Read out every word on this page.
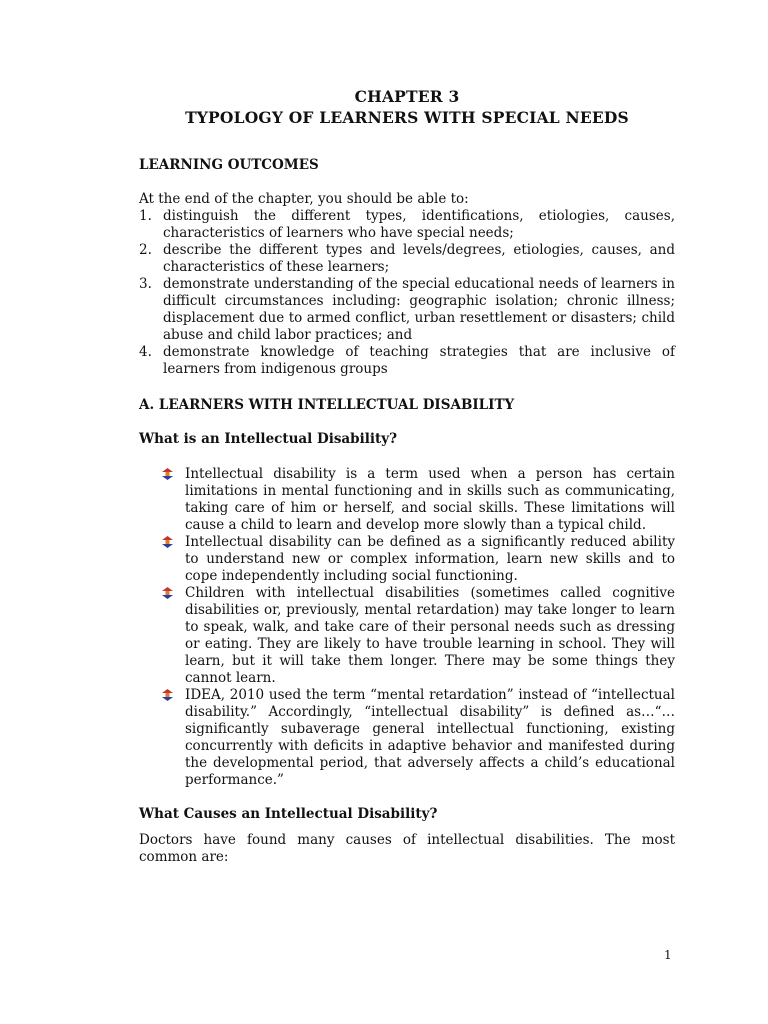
CHAPTER 3
TYPOLOGY OF LEARNERS WITH SPECIAL NEEDS

LEARNING OUTCOMES

At the end of the chapter, you should be able to:

1. distinguish the different types, identifications, etiologies, causes, characteristics of learners who have special needs;
2. describe the different types and levels/degrees, etiologies, causes, and characteristics of these learners;
3. demonstrate understanding of the special educational needs of learners in difficult circumstances including: geographic isolation; chronic illness; displacement due to armed conflict, urban resettlement or disasters; child abuse and child labor practices; and
4. demonstrate knowledge of teaching strategies that are inclusive of learners from indigenous groups

A. LEARNERS WITH INTELLECTUAL DISABILITY

What is an Intellectual Disability?

Intellectual disability is a term used when a person has certain limitations in mental functioning and in skills such as communicating, taking care of him or herself, and social skills. These limitations will cause a child to learn and develop more slowly than a typical child.
Intellectual disability can be defined as a significantly reduced ability to understand new or complex information, learn new skills and to cope independently including social functioning.
Children with intellectual disabilities (sometimes called cognitive disabilities or, previously, mental retardation) may take longer to learn to speak, walk, and take care of their personal needs such as dressing or eating. They are likely to have trouble learning in school. They will learn, but it will take them longer. There may be some things they cannot learn.
IDEA, 2010 used the term “mental retardation” instead of “intellectual disability.” Accordingly, “intellectual disability” is defined as…“…significantly subaverage general intellectual functioning, existing concurrently with deficits in adaptive behavior and manifested during the developmental period, that adversely affects a child’s educational performance.”

What Causes an Intellectual Disability?

Doctors have found many causes of intellectual disabilities. The most common are:

1
